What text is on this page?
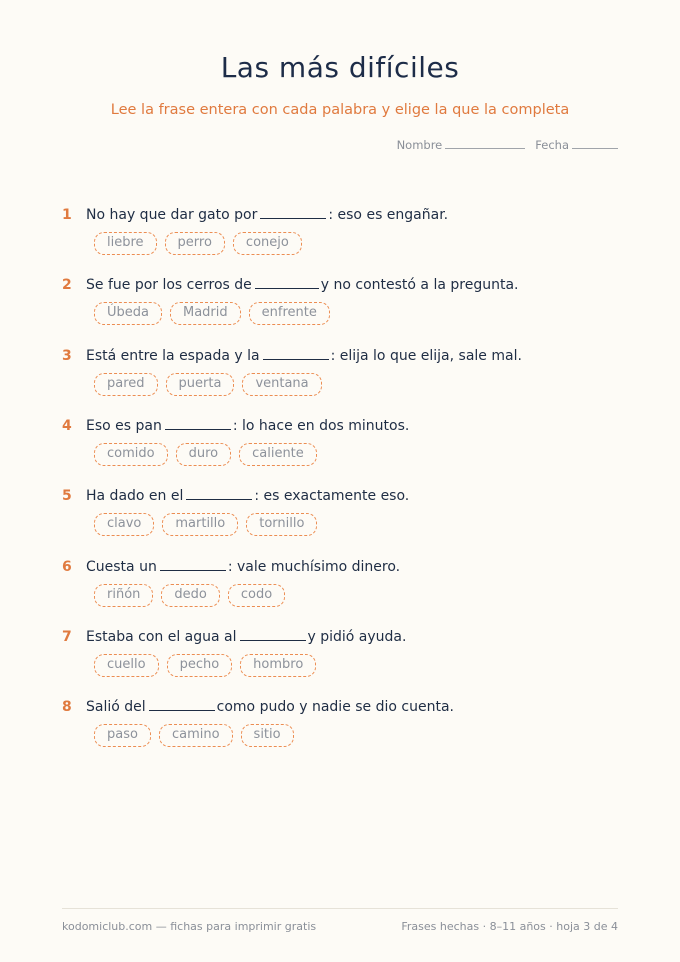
Las más difíciles
Lee la frase entera con cada palabra y elige la que la completa
Nombre	Fecha
1	No hay que dar gato por	: eso es engañar.
liebre	perro	conejo
2	Se fue por los cerros de	y no contestó a la pregunta.
Úbeda	Madrid	enfrente
3	Está entre la espada y la	: elija lo que elija, sale mal.
pared	puerta	ventana
4	Eso es pan	: lo hace en dos minutos.
comido	duro	caliente
5	Ha dado en el	: es exactamente eso.
clavo	martillo	tornillo
6	Cuesta un	: vale muchísimo dinero.
riñón	dedo	codo
7	Estaba con el agua al	y pidió ayuda.
cuello	pecho	hombro
8	Salió del	como pudo y nadie se dio cuenta.
paso	camino	sitio
kodomiclub.com — fichas para imprimir gratis	Frases hechas · 8–11 años · hoja 3 de 4
